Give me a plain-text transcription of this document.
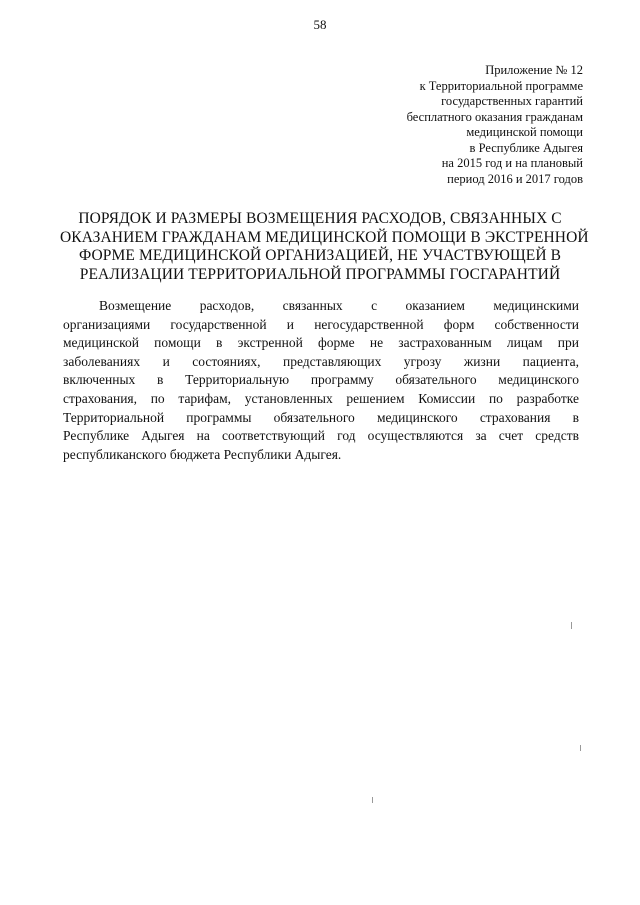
58
Приложение № 12
к Территориальной программе
государственных гарантий
бесплатного оказания гражданам
медицинской помощи
в Республике Адыгея
на 2015 год и на плановый
период 2016 и 2017 годов
ПОРЯДОК И РАЗМЕРЫ ВОЗМЕЩЕНИЯ РАСХОДОВ, СВЯЗАННЫХ С
ОКАЗАНИЕМ ГРАЖДАНАМ МЕДИЦИНСКОЙ ПОМОЩИ В ЭКСТРЕННОЙ
ФОРМЕ МЕДИЦИНСКОЙ ОРГАНИЗАЦИЕЙ, НЕ УЧАСТВУЮЩЕЙ В
РЕАЛИЗАЦИИ ТЕРРИТОРИАЛЬНОЙ ПРОГРАММЫ ГОСГАРАНТИЙ
Возмещение расходов, связанных с оказанием медицинскими
организациями государственной и негосударственной форм собственности
медицинской помощи в экстренной форме не застрахованным лицам при
заболеваниях и состояниях, представляющих угрозу жизни пациента,
включенных в Территориальную программу обязательного медицинского
страхования, по тарифам, установленных решением Комиссии по разработке
Территориальной программы обязательного медицинского страхования в
Республике Адыгея на соответствующий год осуществляются за счет средств
республиканского бюджета Республики Адыгея.
